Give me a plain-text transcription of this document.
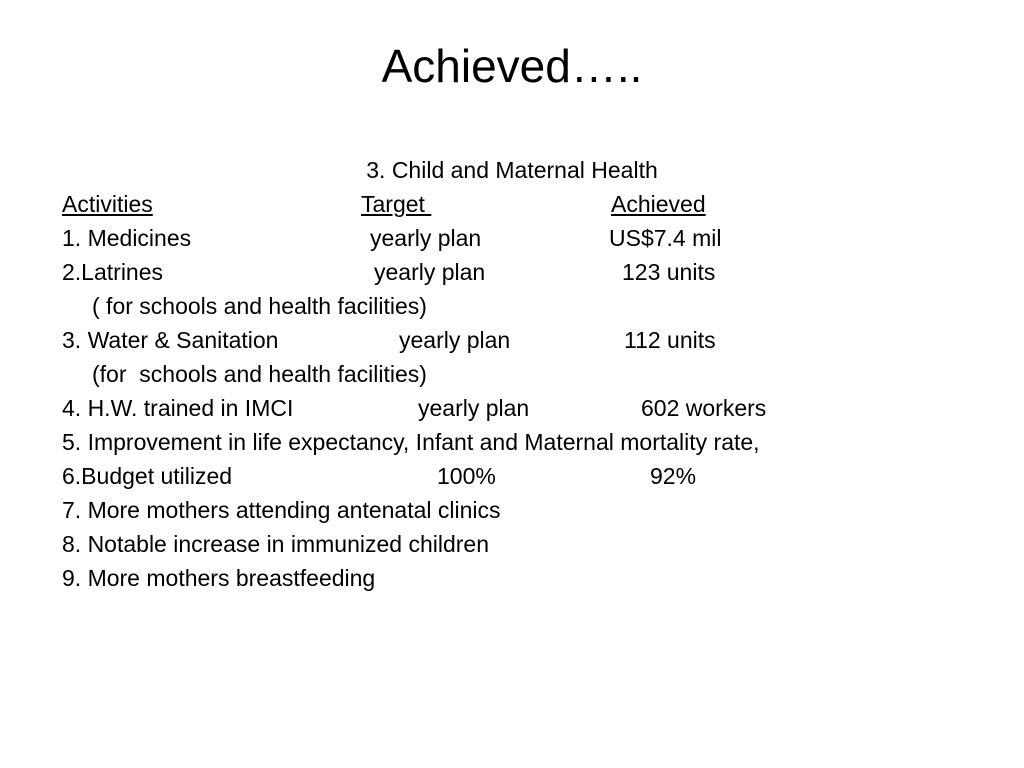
Achieved…..
3. Child and Maternal Health
Activities	Target	Achieved
1. Medicines	yearly plan	US$7.4 mil
2.Latrines	yearly plan	123 units
( for schools and health facilities)
3. Water & Sanitation	yearly plan	112 units
(for  schools and health facilities)
4. H.W. trained in IMCI	yearly plan	602 workers
5. Improvement in life expectancy, Infant and Maternal mortality rate,
6.Budget utilized	100%	92%
7. More mothers attending antenatal clinics
8. Notable increase in immunized children
9. More mothers breastfeeding
